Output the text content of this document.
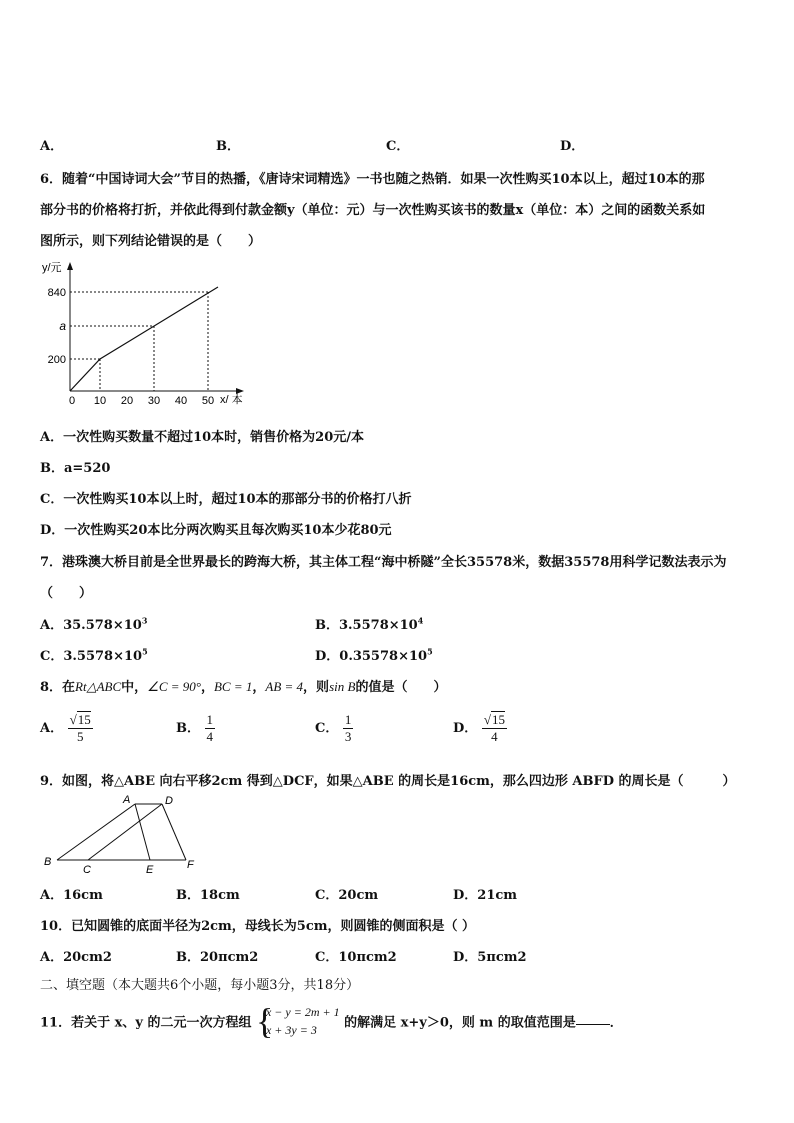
A．	B．	C．	D．
6．随着“中国诗词大会”节目的热播，《唐诗宋词精选》一书也随之热销．如果一次性购买10本以上，超过10本的那
部分书的价格将打折，并依此得到付款金额y（单位：元）与一次性购买该书的数量x（单位：本）之间的函数关系如
图所示，则下列结论错误的是（　　）
y/元
x/ 本
840
a
200
0 10 20 30 40 50
A．一次性购买数量不超过10本时，销售价格为20元/本
B．a=520
C．一次性购买10本以上时，超过10本的那部分书的价格打八折
D．一次性购买20本比分两次购买且每次购买10本少花80元
7．港珠澳大桥目前是全世界最长的跨海大桥，其主体工程“海中桥隧”全长35578米，数据35578用科学记数法表示为
（　　）
A．$35.578\times 10^3$	B．$3.5578\times 10^4$
C．$3.5578\times 10^5$	D．$0.35578\times 10^5$
8．在Rt△ABC中，∠C = 90°，BC = 1，AB = 4，则sin B的值是（　　）
A． $\frac{√15}{5}$	B． $\frac{1}{4}$	C． $\frac{1}{3}$	D． $\frac{√15}{4}$
9．如图，将△ABE 向右平移2cm 得到△DCF，如果△ABE 的周长是16cm，那么四边形 ABFD 的周长是（　　　）
A	D
B
C	E	F
A．16cm	B．18cm	C．20cm	D．21cm
10．已知圆锥的底面半径为2cm，母线长为5cm，则圆锥的侧面积是（ ）
A．20cm2	B．20πcm2	C．10πcm2	D．5πcm2
二、填空题（本大题共6个小题，每小题3分，共18分）
11．若关于 x、y 的二元一次方程组 {
x − y = 2m + 1
x + 3y = 3	的解满足 x+y＞0，则 m 的取值范围是	．
